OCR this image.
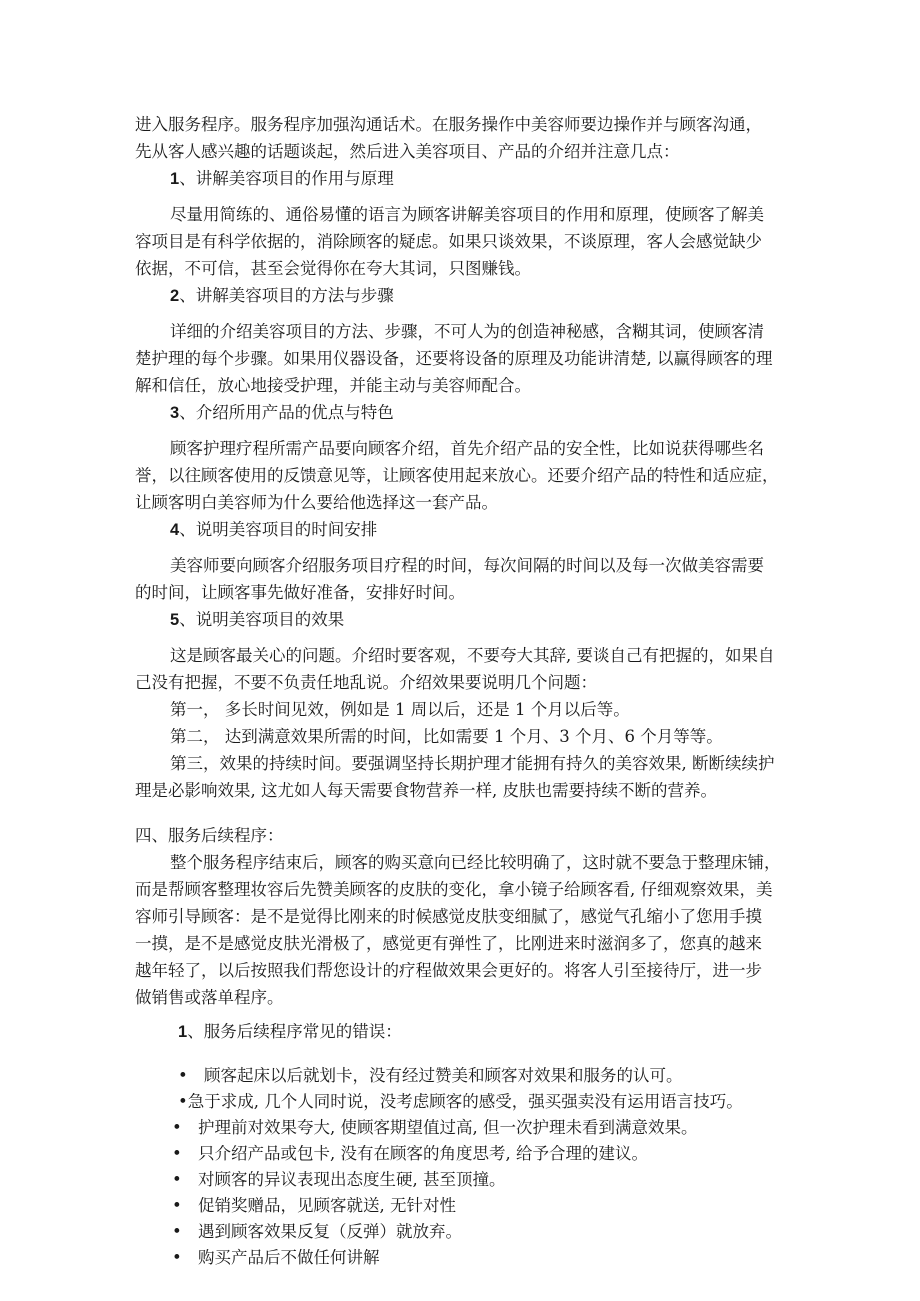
进入服务程序。服务程序加强沟通话术。在服务操作中美容师要边操作并与顾客沟通，
先从客人感兴趣的话题谈起，然后进入美容项目、产品的介绍并注意几点：
1、讲解美容项目的作用与原理
尽量用简练的、通俗易懂的语言为顾客讲解美容项目的作用和原理，使顾客了解美
容项目是有科学依据的，消除顾客的疑虑。如果只谈效果，不谈原理，客人会感觉缺少
依据，不可信，甚至会觉得你在夸大其词，只图赚钱。
2、讲解美容项目的方法与步骤
详细的介绍美容项目的方法、步骤，不可人为的创造神秘感，含糊其词，使顾客清
楚护理的每个步骤。如果用仪器设备，还要将设备的原理及功能讲清楚, 以赢得顾客的理
解和信任，放心地接受护理，并能主动与美容师配合。
3、介绍所用产品的优点与特色
顾客护理疗程所需产品要向顾客介绍，首先介绍产品的安全性，比如说获得哪些名
誉，以往顾客使用的反馈意见等，让顾客使用起来放心。还要介绍产品的特性和适应症，
让顾客明白美容师为什么要给他选择这一套产品。
4、说明美容项目的时间安排
美容师要向顾客介绍服务项目疗程的时间，每次间隔的时间以及每一次做美容需要
的时间，让顾客事先做好准备，安排好时间。
5、说明美容项目的效果
这是顾客最关心的问题。介绍时要客观，不要夸大其辞, 要谈自己有把握的，如果自
己没有把握，不要不负责任地乱说。介绍效果要说明几个问题：
第一， 多长时间见效，例如是 1 周以后，还是 1 个月以后等。
第二， 达到满意效果所需的时间，比如需要 1 个月、3 个月、6 个月等等。
第三，效果的持续时间。要强调坚持长期护理才能拥有持久的美容效果, 断断续续护
理是必影响效果, 这尤如人每天需要食物营养一样, 皮肤也需要持续不断的营养。
四、服务后续程序：
整个服务程序结束后，顾客的购买意向已经比较明确了，这时就不要急于整理床铺，
而是帮顾客整理妆容后先赞美顾客的皮肤的变化，拿小镜子给顾客看, 仔细观察效果，美
容师引导顾客：是不是觉得比刚来的时候感觉皮肤变细腻了，感觉气孔缩小了您用手摸
一摸，是不是感觉皮肤光滑极了，感觉更有弹性了，比刚进来时滋润多了，您真的越来
越年轻了，以后按照我们帮您设计的疗程做效果会更好的。将客人引至接待厅，进一步
做销售或落单程序。
1、服务后续程序常见的错误：
• 顾客起床以后就划卡，没有经过赞美和顾客对效果和服务的认可。
•急于求成, 几个人同时说，没考虑顾客的感受，强买强卖没有运用语言技巧。
• 护理前对效果夸大, 使顾客期望值过高, 但一次护理未看到满意效果。
• 只介绍产品或包卡, 没有在顾客的角度思考, 给予合理的建议。
• 对顾客的异议表现出态度生硬, 甚至顶撞。
• 促销奖赠品，见顾客就送, 无针对性
• 遇到顾客效果反复（反弹）就放弃。
• 购买产品后不做任何讲解
